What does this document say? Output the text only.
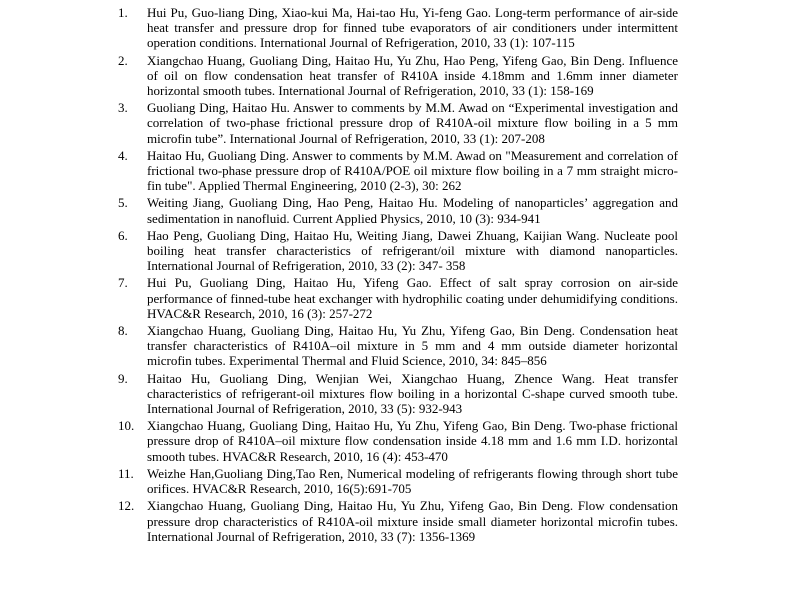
1.	Hui Pu, Guo-liang Ding, Xiao-kui Ma, Hai-tao Hu, Yi-feng Gao. Long-term performance of air-side heat transfer and pressure drop for finned tube evaporators of air conditioners under intermittent operation conditions. International Journal of Refrigeration, 2010, 33 (1): 107-115
2.	Xiangchao Huang, Guoliang Ding, Haitao Hu, Yu Zhu, Hao Peng, Yifeng Gao, Bin Deng. Influence of oil on flow condensation heat transfer of R410A inside 4.18mm and 1.6mm inner diameter horizontal smooth tubes. International Journal of Refrigeration, 2010, 33 (1): 158-169
3.	Guoliang Ding, Haitao Hu. Answer to comments by M.M. Awad on “Experimental investigation and correlation of two-phase frictional pressure drop of R410A-oil mixture flow boiling in a 5 mm microfin tube”. International Journal of Refrigeration, 2010, 33 (1): 207-208
4.	Haitao Hu, Guoliang Ding. Answer to comments by M.M. Awad on "Measurement and correlation of frictional two-phase pressure drop of R410A/POE oil mixture flow boiling in a 7 mm straight micro-fin tube". Applied Thermal Engineering, 2010 (2-3), 30: 262
5.	Weiting Jiang, Guoliang Ding, Hao Peng, Haitao Hu. Modeling of nanoparticles’ aggregation and sedimentation in nanofluid. Current Applied Physics, 2010, 10 (3): 934-941
6.	Hao Peng, Guoliang Ding, Haitao Hu, Weiting Jiang, Dawei Zhuang, Kaijian Wang. Nucleate pool boiling heat transfer characteristics of refrigerant/oil mixture with diamond nanoparticles. International Journal of Refrigeration, 2010, 33 (2): 347- 358
7.	Hui Pu, Guoliang Ding, Haitao Hu, Yifeng Gao. Effect of salt spray corrosion on air-side performance of finned-tube heat exchanger with hydrophilic coating under dehumidifying conditions. HVAC&R Research, 2010, 16 (3): 257-272
8.	Xiangchao Huang, Guoliang Ding, Haitao Hu, Yu Zhu, Yifeng Gao, Bin Deng. Condensation heat transfer characteristics of R410A–oil mixture in 5 mm and 4 mm outside diameter horizontal microfin tubes. Experimental Thermal and Fluid Science, 2010, 34: 845–856
9.	Haitao Hu, Guoliang Ding, Wenjian Wei, Xiangchao Huang, Zhence Wang. Heat transfer characteristics of refrigerant-oil mixtures flow boiling in a horizontal C-shape curved smooth tube. International Journal of Refrigeration, 2010, 33 (5): 932-943
10. Xiangchao Huang, Guoliang Ding, Haitao Hu, Yu Zhu, Yifeng Gao, Bin Deng. Two-phase frictional pressure drop of R410A–oil mixture flow condensation inside 4.18 mm and 1.6 mm I.D. horizontal smooth tubes. HVAC&R Research, 2010, 16 (4): 453-470
11.	Weizhe Han,Guoliang Ding,Tao Ren, Numerical modeling of refrigerants flowing through short tube orifices. HVAC&R Research, 2010, 16(5):691-705
12. Xiangchao Huang, Guoliang Ding, Haitao Hu, Yu Zhu, Yifeng Gao, Bin Deng. Flow condensation pressure drop characteristics of R410A-oil mixture inside small diameter horizontal microfin tubes. International Journal of Refrigeration, 2010, 33 (7): 1356-1369
